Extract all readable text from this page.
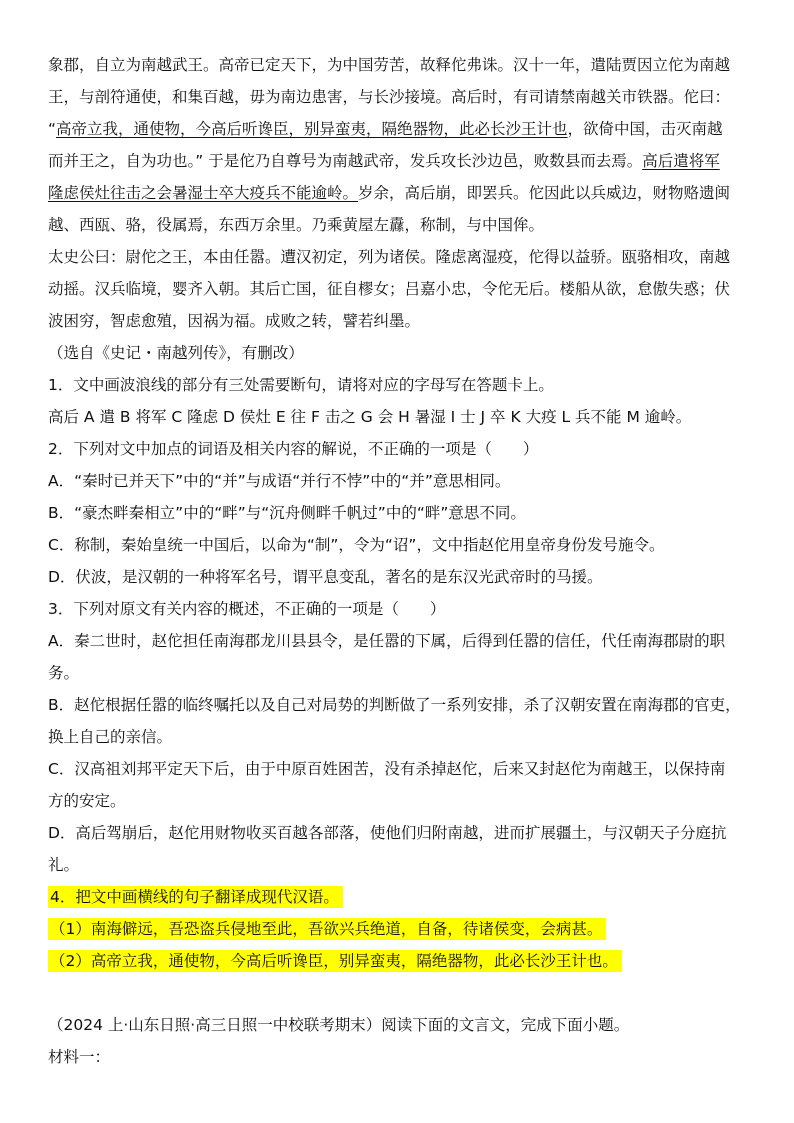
象郡，自立为南越武王。高帝已定天下，为中国劳苦，故释佗弗诛。汉十一年，遣陆贾因立佗为南越
王，与剖符通使，和集百越，毋为南边患害，与长沙接境。高后时，有司请禁南越关市铁器。佗曰：
“高帝立我，通使物，今高后听谗臣，别异蛮夷，隔绝器物，此必长沙王计也，欲倚中国，击灭南越
而并王之，自为功也。” 于是佗乃自尊号为南越武帝，发兵攻长沙边邑，败数县而去焉。高后遣将军
隆虑侯灶往击之会暑湿士卒大疫兵不能逾岭。岁余，高后崩，即罢兵。佗因此以兵威边，财物赂遗闽
越、西瓯、骆，役属焉，东西万余里。乃乘黄屋左纛，称制，与中国侔。
太史公曰：尉佗之王，本由任嚣。遭汉初定，列为诸侯。隆虑离湿疫，佗得以益骄。瓯骆相攻，南越
动摇。汉兵临境，婴齐入朝。其后亡国，征自樛女；吕嘉小忠，令佗无后。楼船从欲，怠傲失惑；伏
波困穷，智虑愈殖，因祸为福。成败之转，譬若纠墨。
（选自《史记・南越列传》，有删改）
1．文中画波浪线的部分有三处需要断句，请将对应的字母写在答题卡上。
高后 A 遣 B 将军 C 隆虑 D 侯灶 E 往 F 击之 G 会 H 暑湿 I 士 J 卒 K 大疫 L 兵不能 M 逾岭。
2．下列对文中加点的词语及相关内容的解说，不正确的一项是（　　）
A．“秦时已并天下”中的“并”与成语“并行不悖”中的“并”意思相同。
B．“豪杰畔秦相立”中的“畔”与“沉舟侧畔千帆过”中的“畔”意思不同。
C．称制，秦始皇统一中国后，以命为“制”，令为“诏”，文中指赵佗用皇帝身份发号施令。
D．伏波，是汉朝的一种将军名号，谓平息变乱，著名的是东汉光武帝时的马援。
3．下列对原文有关内容的概述，不正确的一项是（　　）
A．秦二世时，赵佗担任南海郡龙川县县令，是任嚣的下属，后得到任嚣的信任，代任南海郡尉的职
务。
B．赵佗根据任嚣的临终嘱托以及自己对局势的判断做了一系列安排，杀了汉朝安置在南海郡的官吏，
换上自己的亲信。
C．汉高祖刘邦平定天下后，由于中原百姓困苦，没有杀掉赵佗，后来又封赵佗为南越王，以保持南
方的安定。
D．高后驾崩后，赵佗用财物收买百越各部落，使他们归附南越，进而扩展疆土，与汉朝天子分庭抗
礼。
4．把文中画横线的句子翻译成现代汉语。
（1）南海僻远，吾恐盗兵侵地至此，吾欲兴兵绝道，自备，待诸侯变，会病甚。
（2）高帝立我，通使物，今高后听谗臣，别异蛮夷，隔绝器物，此必长沙王计也。
（2024 上·山东日照·高三日照一中校联考期末）阅读下面的文言文，完成下面小题。
材料一：
